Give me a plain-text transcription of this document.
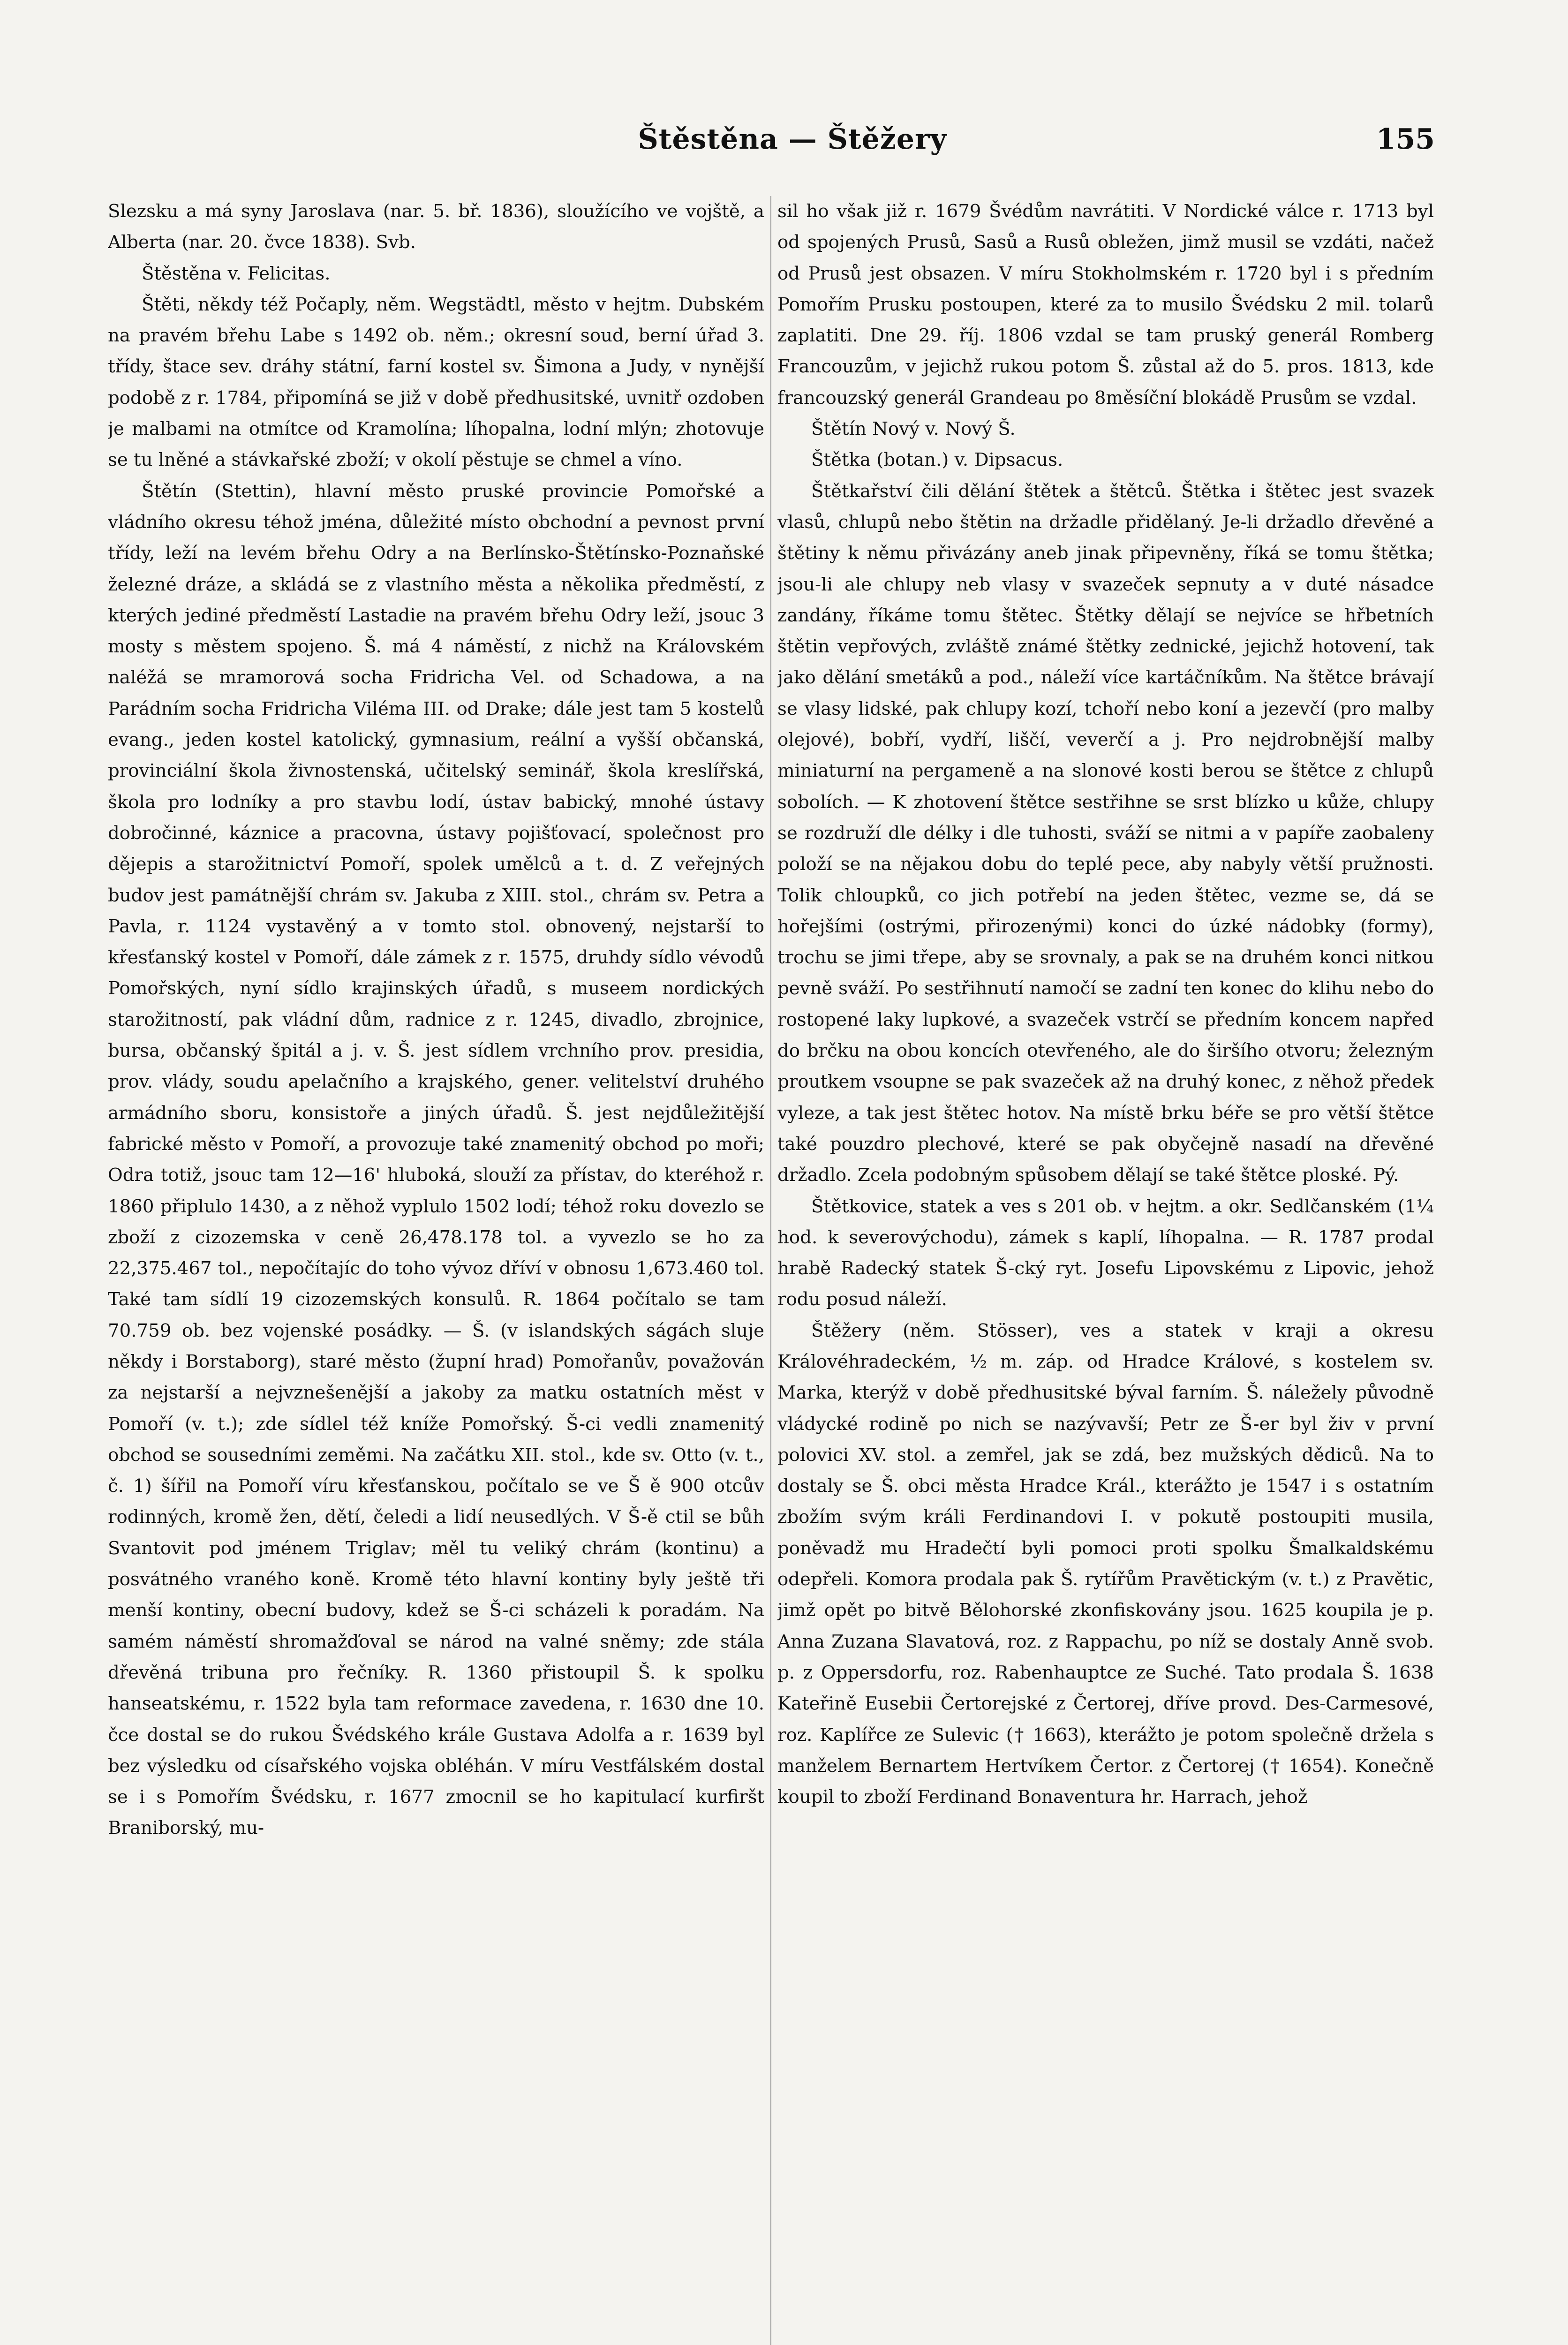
Štěstěna — Štěžery	155

Slezsku a má syny Jaroslava (nar. 5. bř. 1836), sloužícího ve vojště, a Alberta (nar. 20. čvce 1838). Svb.

Štěstěna v. Felicitas.

Štěti, někdy též Počaply, něm. Wegstädtl, město v hejtm. Dubském na pravém břehu Labe s 1492 ob. něm.; okresní soud, berní úřad 3. třídy, štace sev. dráhy státní, farní kostel sv. Šimona a Judy, v nynější podobě z r. 1784, připomíná se již v době předhusitské, uvnitř ozdoben je malbami na otmítce od Kramolína; líhopalna, lodní mlýn; zhotovuje se tu lněné a stávkařské zboží; v okolí pěstuje se chmel a víno.

Štětín (Stettin), hlavní město pruské provincie Pomořské a vládního okresu téhož jména, důležité místo obchodní a pevnost první třídy, leží na levém břehu Odry a na Berlínsko-Štětínsko-Poznaňské železné dráze, a skládá se z vlastního města a několika předměstí, z kterých jediné předměstí Lastadie na pravém břehu Odry leží, jsouc 3 mosty s městem spojeno. Š. má 4 náměstí, z nichž na Královském naléžá se mramorová socha Fridricha Vel. od Schadowa, a na Parádním socha Fridricha Viléma III. od Drake; dále jest tam 5 kostelů evang., jeden kostel katolický, gymnasium, reální a vyšší občanská, provinciální škola živnostenská, učitelský seminář, škola kreslířská, škola pro lodníky a pro stavbu lodí, ústav babický, mnohé ústavy dobročinné, káznice a pracovna, ústavy pojišťovací, společnost pro dějepis a starožitnictví Pomoří, spolek umělců a t. d. Z veřejných budov jest památnější chrám sv. Jakuba z XIII. stol., chrám sv. Petra a Pavla, r. 1124 vystavěný a v tomto stol. obnovený, nejstarší to křesťanský kostel v Pomoří, dále zámek z r. 1575, druhdy sídlo vévodů Pomořských, nyní sídlo krajinských úřadů, s museem nordických starožitností, pak vládní dům, radnice z r. 1245, divadlo, zbrojnice, bursa, občanský špitál a j. v. Š. jest sídlem vrchního prov. presidia, prov. vlády, soudu apelačního a krajského, gener. velitelství druhého armádního sboru, konsistoře a jiných úřadů. Š. jest nejdůležitější fabrické město v Pomoří, a provozuje také znamenitý obchod po moři; Odra totiž, jsouc tam 12—16' hluboká, slouží za přístav, do kteréhož r. 1860 připlulo 1430, a z něhož vyplulo 1502 lodí; téhož roku dovezlo se zboží z cizozemska v ceně 26,478.178 tol. a vyvezlo se ho za 22,375.467 tol., nepočítajíc do toho vývoz dříví v obnosu 1,673.460 tol. Také tam sídlí 19 cizozemských konsulů. R. 1864 počítalo se tam 70.759 ob. bez vojenské posádky. — Š. (v islandských ságách sluje někdy i Borstaborg), staré město (župní hrad) Pomořanův, považován za nejstarší a nejvznešenější a jakoby za matku ostatních měst v Pomoří (v. t.); zde sídlel též kníže Pomořský. Š-ci vedli znamenitý obchod se sousedními zeměmi. Na začátku XII. stol., kde sv. Otto (v. t., č. 1) šířil na Pomoří víru křesťanskou, počítalo se ve Š ě 900 otcův rodinných, kromě žen, dětí, čeledi a lidí neusedlých. V Š-ě ctil se bůh Svantovit pod jménem Triglav; měl tu veliký chrám (kontinu) a posvátného vraného koně. Kromě této hlavní kontiny byly ještě tři menší kontiny, obecní budovy, kdež se Š-ci scházeli k poradám. Na samém náměstí shromažďoval se národ na valné sněmy; zde stála dřevěná tribuna pro řečníky. R. 1360 přistoupil Š. k spolku hanseatskému, r. 1522 byla tam reformace zavedena, r. 1630 dne 10. čce dostal se do rukou Švédského krále Gustava Adolfa a r. 1639 byl bez výsledku od císařského vojska obléhán. V míru Vestfálském dostal se i s Pomořím Švédsku, r. 1677 zmocnil se ho kapitulací kurfiršt Braniborský, mu-

sil ho však již r. 1679 Švédům navrátiti. V Nordické válce r. 1713 byl od spojených Prusů, Sasů a Rusů obležen, jimž musil se vzdáti, načež od Prusů jest obsazen. V míru Stokholmském r. 1720 byl i s předním Pomořím Prusku postoupen, které za to musilo Švédsku 2 mil. tolarů zaplatiti. Dne 29. říj. 1806 vzdal se tam pruský generál Romberg Francouzům, v jejichž rukou potom Š. zůstal až do 5. pros. 1813, kde francouzský generál Grandeau po 8měsíční blokádě Prusům se vzdal.

Štětín Nový v. Nový Š.

Štětka (botan.) v. Dipsacus.

Štětkařství čili dělání štětek a štětců. Štětka i štětec jest svazek vlasů, chlupů nebo štětin na držadle přidělaný. Je-li držadlo dřevěné a štětiny k němu přivázány aneb jinak připevněny, říká se tomu štětka; jsou-li ale chlupy neb vlasy v svazeček sepnuty a v duté násadce zandány, říkáme tomu štětec. Štětky dělají se nejvíce se hřbetních štětin vepřových, zvláště známé štětky zednické, jejichž hotovení, tak jako dělání smetáků a pod., náleží více kartáčníkům. Na štětce brávají se vlasy lidské, pak chlupy kozí, tchoří nebo koní a jezevčí (pro malby olejové), bobří, vydří, liščí, veverčí a j. Pro nejdrobnější malby miniaturní na pergameně a na slonové kosti berou se štětce z chlupů sobolích. — K zhotovení štětce sestřihne se srst blízko u kůže, chlupy se rozdruží dle délky i dle tuhosti, sváží se nitmi a v papíře zaobaleny položí se na nějakou dobu do teplé pece, aby nabyly větší pružnosti. Tolik chloupků, co jich potřebí na jeden štětec, vezme se, dá se hořejšími (ostrými, přirozenými) konci do úzké nádobky (formy), trochu se jimi třepe, aby se srovnaly, a pak se na druhém konci nitkou pevně sváží. Po sestřihnutí namočí se zadní ten konec do klihu nebo do rostopené laky lupkové, a svazeček vstrčí se předním koncem napřed do brčku na obou koncích otevřeného, ale do širšího otvoru; železným proutkem vsoupne se pak svazeček až na druhý konec, z něhož předek vyleze, a tak jest štětec hotov. Na místě brku béře se pro větší štětce také pouzdro plechové, které se pak obyčejně nasadí na dřevěné držadlo. Zcela podobným spůsobem dělají se také štětce ploské. Pý.

Štětkovice, statek a ves s 201 ob. v hejtm. a okr. Sedlčanském (1¼ hod. k severovýchodu), zámek s kaplí, líhopalna. — R. 1787 prodal hrabě Radecký statek Š-cký ryt. Josefu Lipovskému z Lipovic, jehož rodu posud náleží.

Štěžery (něm. Stösser), ves a statek v kraji a okresu Královéhradeckém, ½ m. záp. od Hradce Králové, s kostelem sv. Marka, kterýž v době předhusitské býval farním. Š. náležely původně vládycké rodině po nich se nazývavší; Petr ze Š-er byl živ v první polovici XV. stol. a zemřel, jak se zdá, bez mužských dědiců. Na to dostaly se Š. obci města Hradce Král., kterážto je 1547 i s ostatním zbožím svým králi Ferdinandovi I. v pokutě postoupiti musila, poněvadž mu Hradečtí byli pomoci proti spolku Šmalkaldskému odepřeli. Komora prodala pak Š. rytířům Pravětickým (v. t.) z Pravětic, jimž opět po bitvě Bělohorské zkonfiskovány jsou. 1625 koupila je p. Anna Zuzana Slavatová, roz. z Rappachu, po níž se dostaly Anně svob. p. z Oppersdorfu, roz. Rabenhauptce ze Suché. Tato prodala Š. 1638 Kateřině Eusebii Čertorejské z Čertorej, dříve provd. Des-Carmesové, roz. Kaplířce ze Sulevic († 1663), kterážto je potom společně držela s manželem Bernartem Hertvíkem Čertor. z Čertorej († 1654). Konečně koupil to zboží Ferdinand Bonaventura hr. Harrach, jehož
